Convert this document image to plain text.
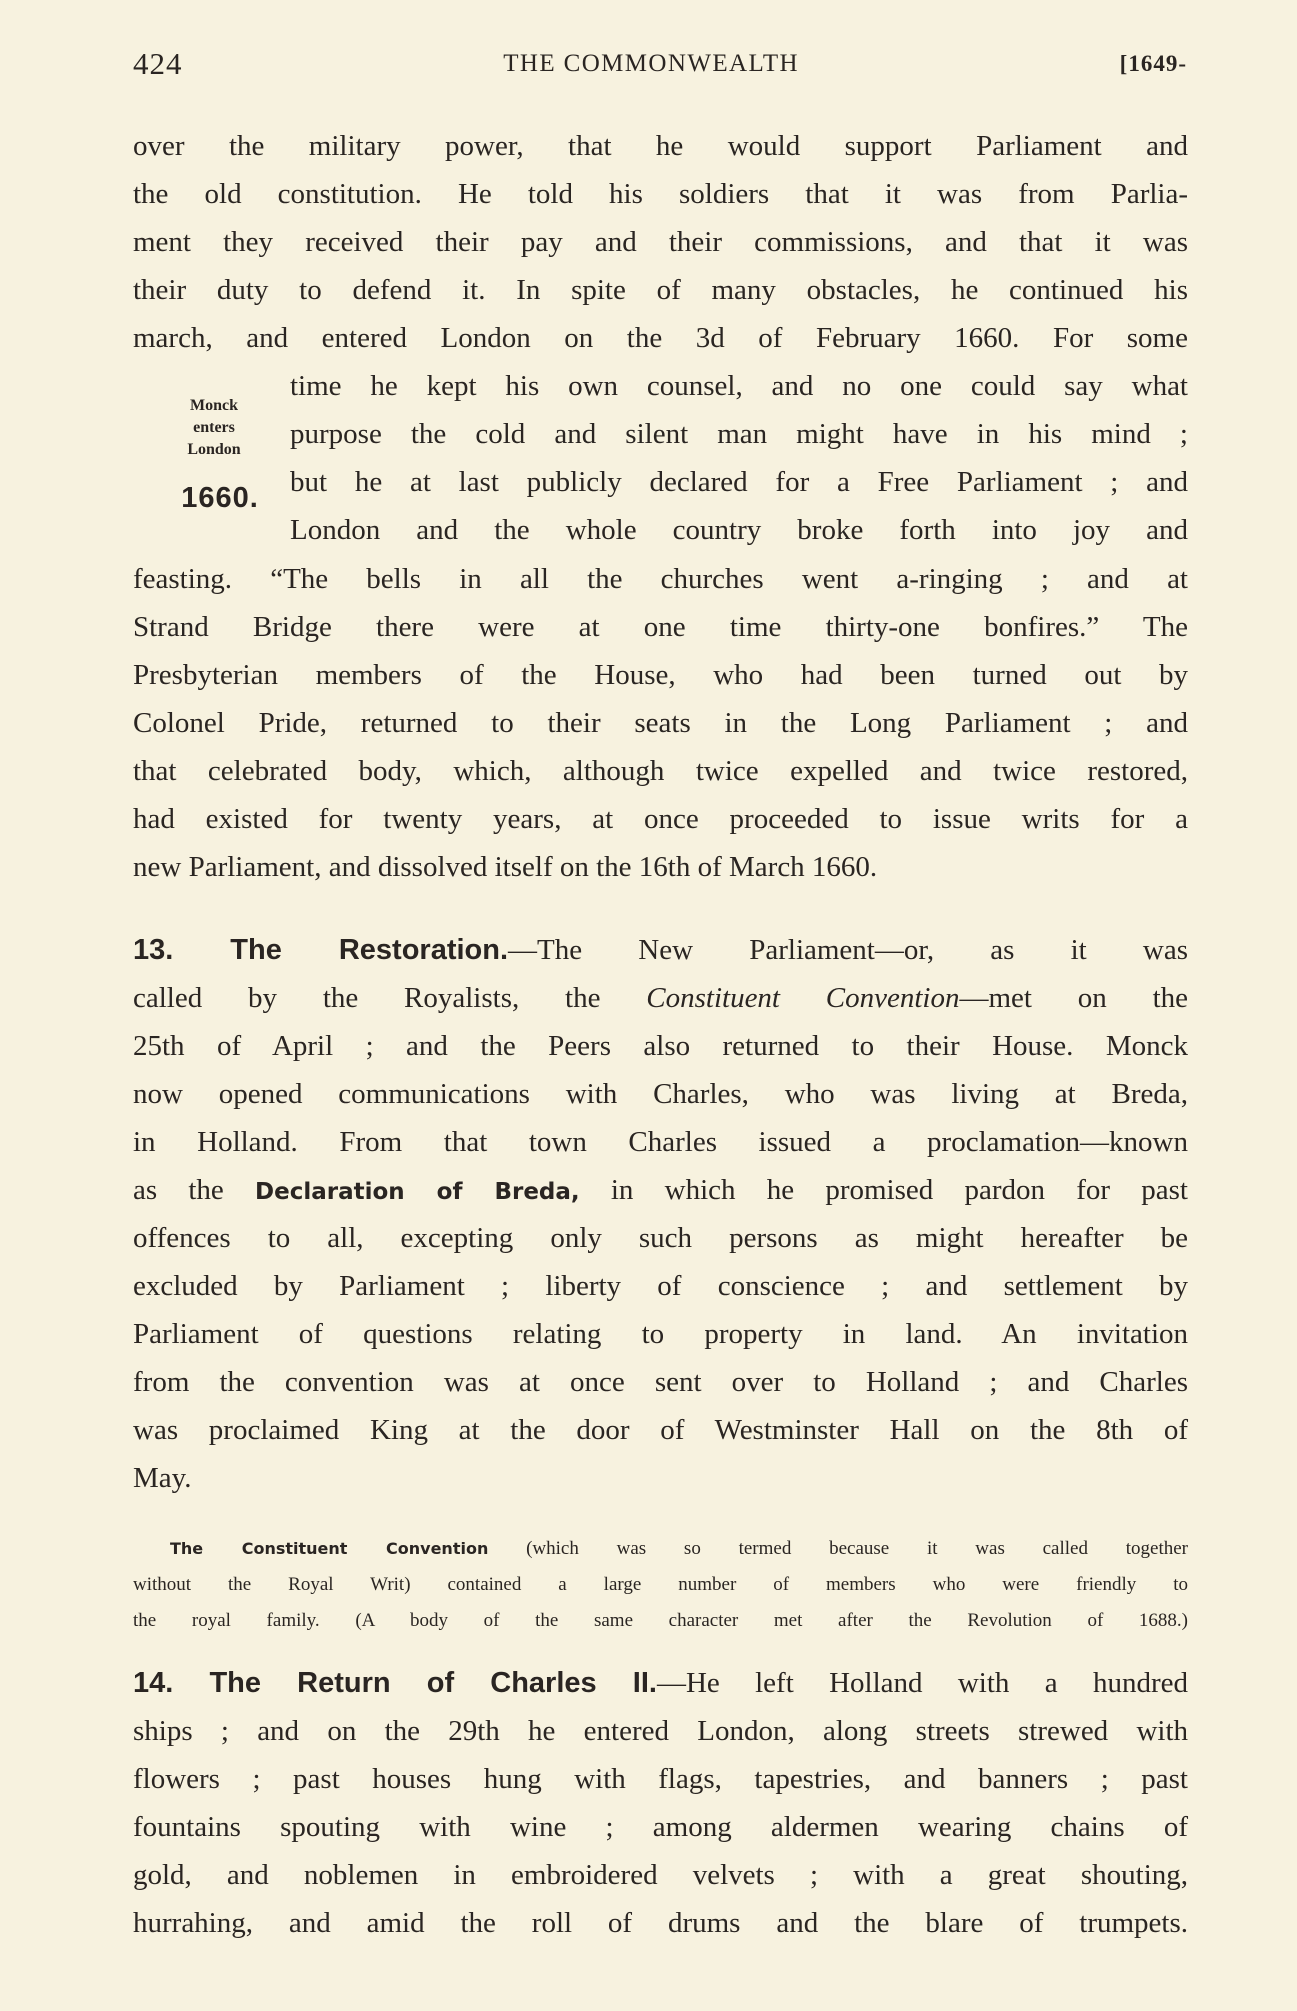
424	THE COMMONWEALTH	[1649-

over the military power, that he would support Parliament and

the old constitution. He told his soldiers that it was from Parlia-

ment they received their pay and their commissions, and that it was

their duty to defend it. In spite of many obstacles, he continued his

march, and entered London on the 3d of February 1660. For some

time he kept his own counsel, and no one could say what

purpose the cold and silent man might have in his mind ;

but he at last publicly declared for a Free Parliament ; and

London and the whole country broke forth into joy and

feasting. “The bells in all the churches went a-ringing ; and at

Strand Bridge there were at one time thirty-one bonfires.” The

Presbyterian members of the House, who had been turned out by

Colonel Pride, returned to their seats in the Long Parliament ; and

that celebrated body, which, although twice expelled and twice restored,

had existed for twenty years, at once proceeded to issue writs for a

new Parliament, and dissolved itself on the 16th of March 1660.

Monck
enters
London
1660.

13. The Restoration.—The New Parliament—or, as it was

called by the Royalists, the Constituent Convention—met on the

25th of April ; and the Peers also returned to their House. Monck

now opened communications with Charles, who was living at Breda,

in Holland. From that town Charles issued a proclamation—known

as the Declaration of Breda, in which he promised pardon for past

offences to all, excepting only such persons as might hereafter be

excluded by Parliament ; liberty of conscience ; and settlement by

Parliament of questions relating to property in land. An invitation

from the convention was at once sent over to Holland ; and Charles

was proclaimed King at the door of Westminster Hall on the 8th of

May.

The Constituent Convention (which was so termed because it was called together

without the Royal Writ) contained a large number of members who were friendly to

the royal family. (A body of the same character met after the Revolution of 1688.)

14. The Return of Charles II.—He left Holland with a hundred

ships ; and on the 29th he entered London, along streets strewed with

flowers ; past houses hung with flags, tapestries, and banners ; past

fountains spouting with wine ; among aldermen wearing chains of

gold, and noblemen in embroidered velvets ; with a great shouting,

hurrahing, and amid the roll of drums and the blare of trumpets.
